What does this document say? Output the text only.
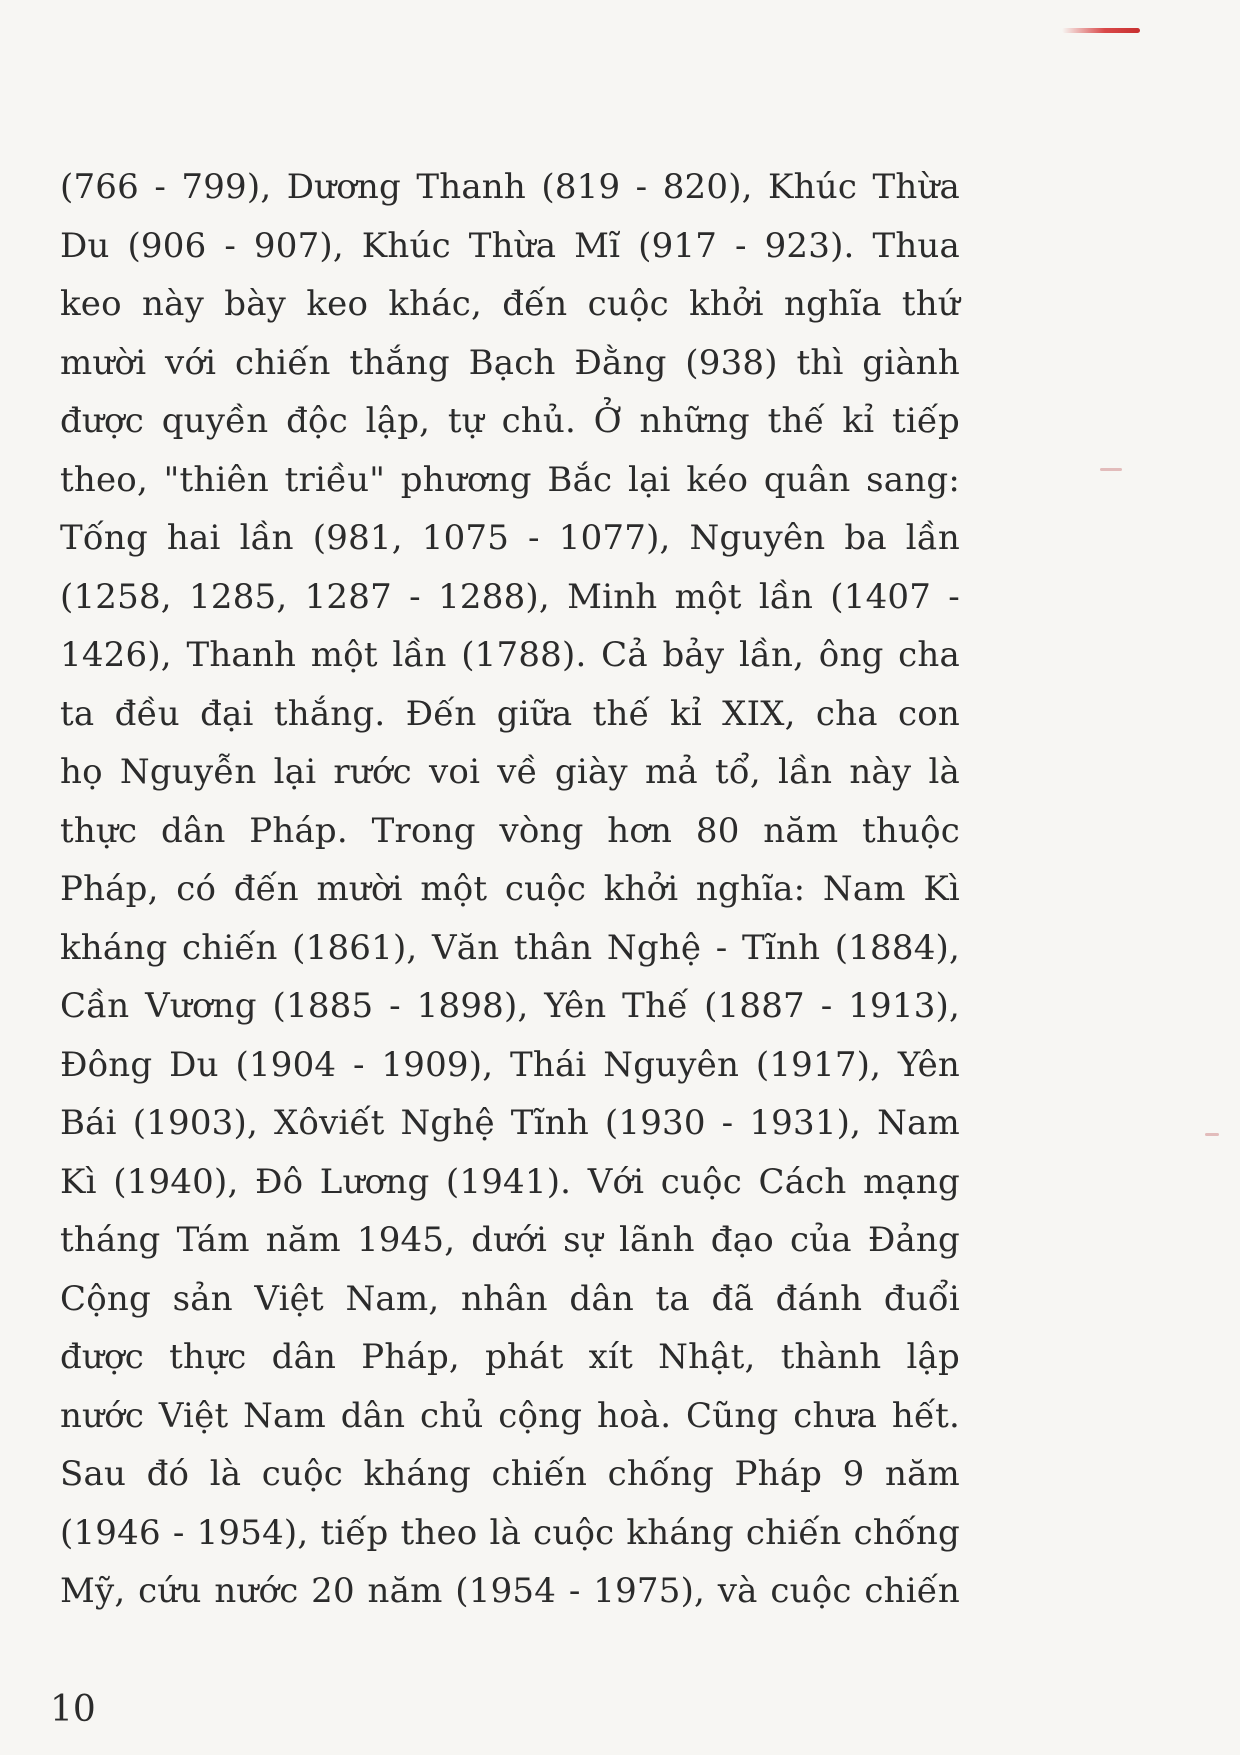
(766 - 799), Dương Thanh (819 - 820), Khúc Thừa
Du (906 - 907), Khúc Thừa Mĩ (917 - 923). Thua
keo này bày keo khác, đến cuộc khởi nghĩa thứ
mười với chiến thắng Bạch Đằng (938) thì giành
được quyền độc lập, tự chủ. Ở những thế kỉ tiếp
theo, "thiên triều" phương Bắc lại kéo quân sang:
Tống hai lần (981, 1075 - 1077), Nguyên ba lần
(1258, 1285, 1287 - 1288), Minh một lần (1407 -
1426), Thanh một lần (1788). Cả bảy lần, ông cha
ta đều đại thắng. Đến giữa thế kỉ XIX, cha con
họ Nguyễn lại rước voi về giày mả tổ, lần này là
thực dân Pháp. Trong vòng hơn 80 năm thuộc
Pháp, có đến mười một cuộc khởi nghĩa: Nam Kì
kháng chiến (1861), Văn thân Nghệ - Tĩnh (1884),
Cần Vương (1885 - 1898), Yên Thế (1887 - 1913),
Đông Du (1904 - 1909), Thái Nguyên (1917), Yên
Bái (1903), Xôviết Nghệ Tĩnh (1930 - 1931), Nam
Kì (1940), Đô Lương (1941). Với cuộc Cách mạng
tháng Tám năm 1945, dưới sự lãnh đạo của Đảng
Cộng sản Việt Nam, nhân dân ta đã đánh đuổi
được thực dân Pháp, phát xít Nhật, thành lập
nước Việt Nam dân chủ cộng hoà. Cũng chưa hết.
Sau đó là cuộc kháng chiến chống Pháp 9 năm
(1946 - 1954), tiếp theo là cuộc kháng chiến chống
Mỹ, cứu nước 20 năm (1954 - 1975), và cuộc chiến
10
